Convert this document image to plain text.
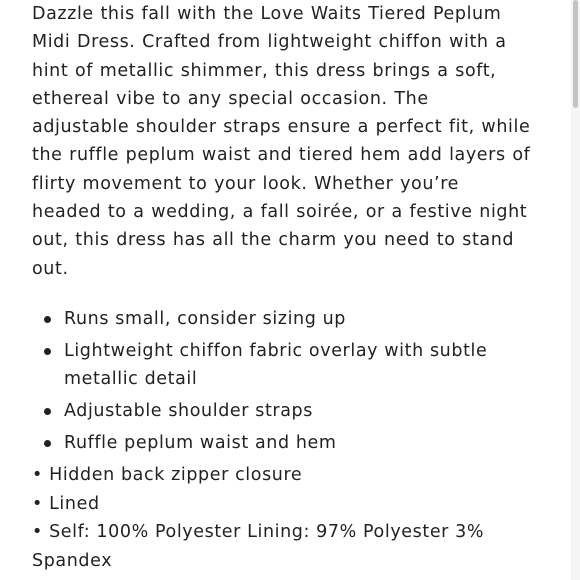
Dazzle this fall with the Love Waits Tiered Peplum Midi Dress. Crafted from lightweight chiffon with a hint of metallic shimmer, this dress brings a soft, ethereal vibe to any special occasion. The adjustable shoulder straps ensure a perfect fit, while the ruffle peplum waist and tiered hem add layers of flirty movement to your look. Whether you’re headed to a wedding, a fall soirée, or a festive night out, this dress has all the charm you need to stand out.

Runs small, consider sizing up
Lightweight chiffon fabric overlay with subtle metallic detail
Adjustable shoulder straps
Ruffle peplum waist and hem
• Hidden back zipper closure
• Lined
• Self: 100% Polyester Lining: 97% Polyester 3% Spandex
